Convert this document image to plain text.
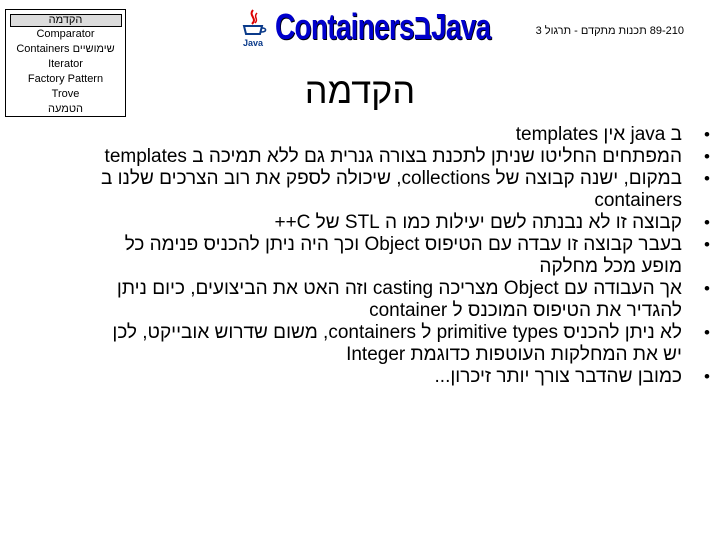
הקדמה
Comparator
Containers שימושיים
Iterator
Factory Pattern
Trove
הטמעה
Java ContainersבJava	89-210 תכנות מתקדם - תרגול 3
הקדמה
• ב java אין templates
• המפתחים החליטו שניתן לתכנת בצורה גנרית גם ללא תמיכה ב templates
• במקום, ישנה קבוצה של collections, שיכולה לספק את רוב הצרכים שלנו ב containers
• קבוצה זו לא נבנתה לשם יעילות כמו ה STL של C++
• בעבר קבוצה זו עבדה עם הטיפוס Object וכך היה ניתן להכניס פנימה כל מופע מכל מחלקה
• אך העבודה עם Object מצריכה casting וזה האט את הביצועים, כיום ניתן להגדיר את הטיפוס המוכנס ל container
• לא ניתן להכניס primitive types ל containers, משום שדרוש אובייקט, לכן יש את המחלקות העוטפות כדוגמת Integer
• כמובן שהדבר צורך יותר זיכרון...
